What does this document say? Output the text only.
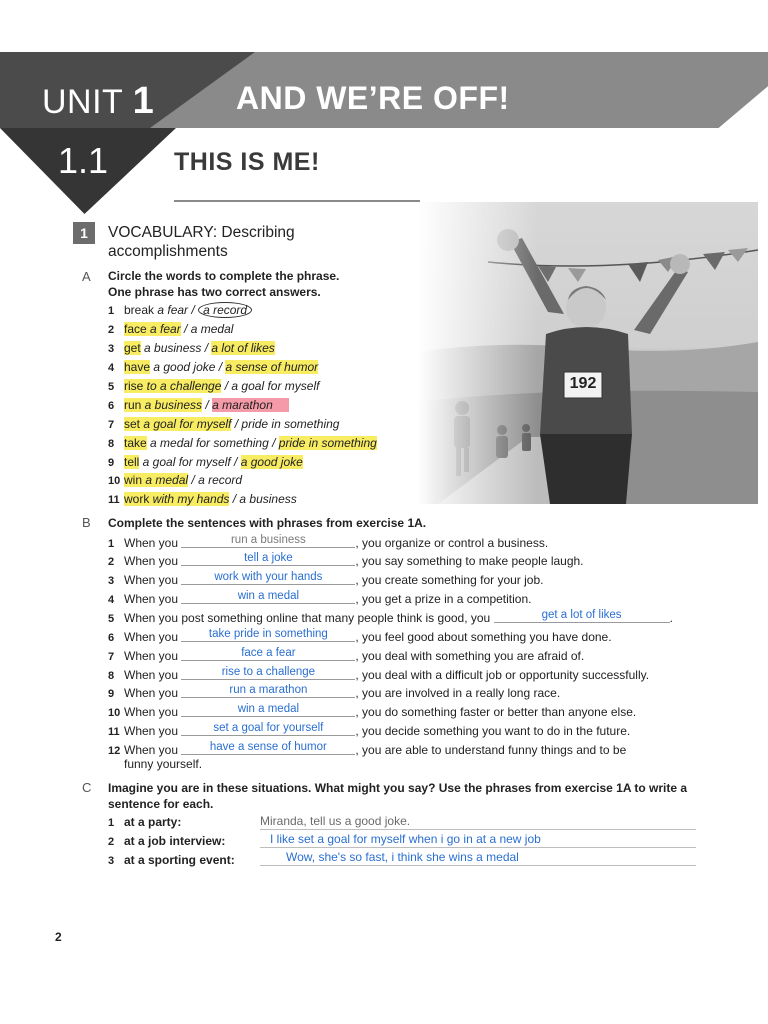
UNIT 1	AND WE’RE OFF!
1.1	THIS IS ME!
192
1	VOCABULARY: Describing
accomplishments
A Circle the words to complete the phrase.
One phrase has two correct answers.
1 break a fear / a record
2 face a fear / a medal
3 get a business / a lot of likes
4 have a good joke / a sense of humor
5 rise to a challenge / a goal for myself
6 run a business / a marathon
7 set a goal for myself / pride in something
8 take a medal for something / pride in something
9 tell a goal for myself / a good joke
10 win a medal / a record
11 work with my hands / a business
B Complete the sentences with phrases from exercise 1A.
1 When you	run a business	, you organize or control a business.
2 When you	tell a joke	, you say something to make people laugh.
3 When you	work with your hands	, you create something for your job.
4 When you	win a medal	, you get a prize in a competition.
5 When you post something online that many people think is good, you	get a lot of likes	.
6 When you	take pride in something , you feel good about something you have done.
7 When you	face a fear	, you deal with something you are afraid of.
8 When you	rise to a challenge	, you deal with a difficult job or opportunity successfully.
9 When you	run a marathon	, you are involved in a really long race.
10 When you	win a medal	, you do something faster or better than anyone else.
11 When you	set a goal for yourself	, you decide something you want to do in the future.
12 When you	have a sense of humor , you are able to understand funny things and to be
funny yourself.
C Imagine you are in these situations. What might you say? Use the phrases from exercise 1A to write a
sentence for each.
1 at a party:	Miranda, tell us a good joke.
2 at a job interview:	I like set a goal for myself when i go in at a new job
3 at a sporting event:	Wow, she's so fast, i think she wins a medal
2
